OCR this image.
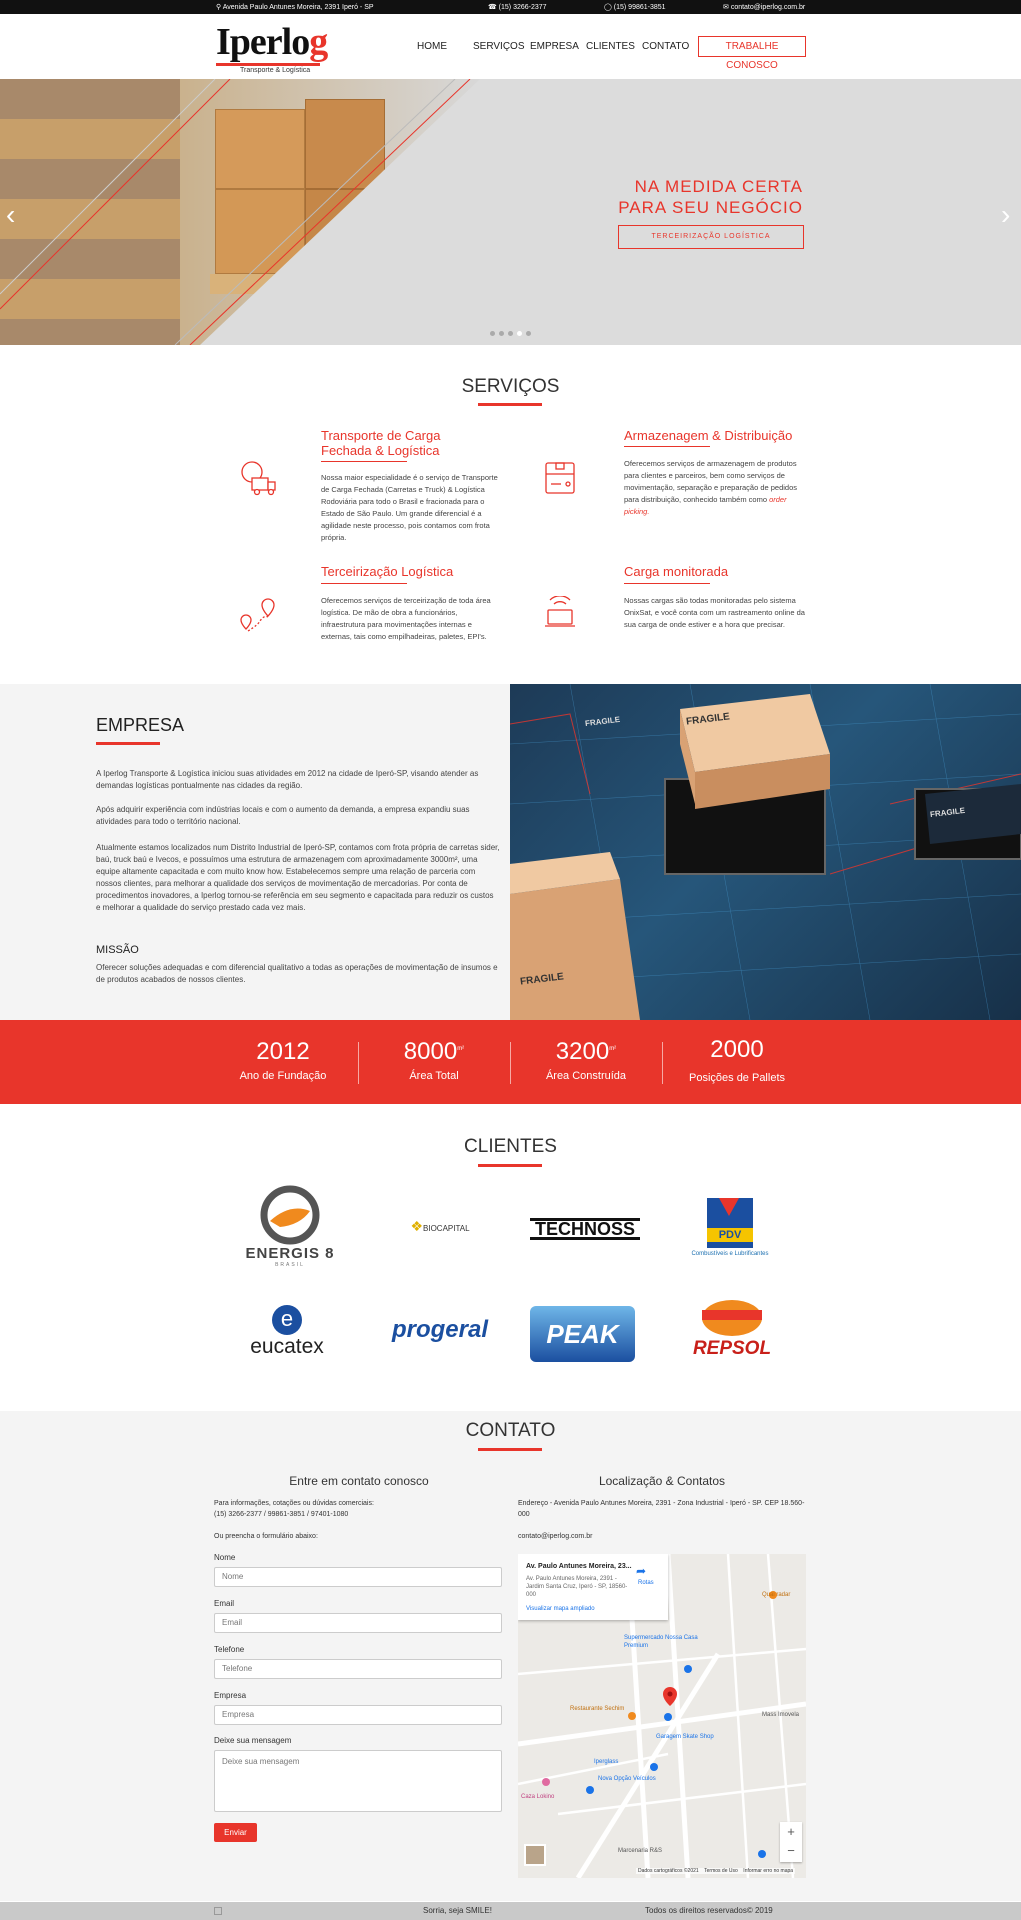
⚲ Avenida Paulo Antunes Moreira, 2391 Iperó - SP	☎ (15) 3266-2377	◯ (15) 99861-3851	✉ contato@iperlog.com.br
Iperlog
Transporte & Logística
HOME	SERVIÇOS EMPRESA CLIENTES CONTATO	TRABALHE CONOSCO
‹	›
NA MEDIDA CERTA
PARA SEU NEGÓCIO
TERCEIRIZAÇÃO LOGÍSTICA
SERVIÇOS
Transporte de Carga
Fechada & Logística
Nossa maior especialidade é o serviço de Transporte de Carga Fechada (Carretas e Truck) & Logística Rodoviária para todo o Brasil e fracionada para o Estado de São Paulo. Um grande diferencial é a agilidade neste processo, pois contamos com frota própria.
Armazenagem & Distribuição
Oferecemos serviços de armazenagem de produtos para clientes e parceiros, bem como serviços de movimentação, separação e preparação de pedidos para distribuição, conhecido também como order picking.
Terceirização Logística
Oferecemos serviços de terceirização de toda área logística. De mão de obra a funcionários, infraestrutura para movimentações internas e externas, tais como empilhadeiras, paletes, EPI's.
Carga monitorada
Nossas cargas são todas monitoradas pelo sistema OnixSat, e você conta com um rastreamento online da sua carga de onde estiver e a hora que precisar.
EMPRESA
A Iperlog Transporte & Logística iniciou suas atividades em 2012 na cidade de Iperó-SP, visando atender as demandas logísticas pontualmente nas cidades da região.
Após adquirir experiência com indústrias locais e com o aumento da demanda, a empresa expandiu suas atividades para todo o território nacional.
Atualmente estamos localizados num Distrito Industrial de Iperó-SP, contamos com frota própria de carretas sider, baú, truck baú e Ivecos, e possuímos uma estrutura de armazenagem com aproximadamente 3000m², uma equipe altamente capacitada e com muito know how. Estabelecemos sempre uma relação de parceria com nossos clientes, para melhorar a qualidade dos serviços de movimentação de mercadorias. Por conta de procedimentos inovadores, a Iperlog tornou-se referência em seu segmento e capacitada para reduzir os custos e melhorar a qualidade do serviço prestado cada vez mais.
MISSÃO
Oferecer soluções adequadas e com diferencial qualitativo a todas as operações de movimentação de insumos e de produtos acabados de nossos clientes.
FRAGILE
FRAGILE
FRAGILE
FRAGILE
2012
Ano de Fundação
$8000^{m^2}$
Área Total
$3200^{m^2}$
Área Construída
2000
Posições de Pallets
CLIENTES
ENERGIS 8
BRASIL
❖BIOCAPITAL	TECHNOSS	PDV
Combustíveis e Lubrificantes
e
eucatex
progeral	PEAK	REPSOL
CONTATO
Entre em contato conosco
Para informações, cotações ou dúvidas comerciais:
(15) 3266-2377 / 99861-3851 / 97401-1080
Ou preencha o formulário abaixo:
Nome
Nome
Email
Email
Telefone
Telefone
Empresa
Empresa
Deixe sua mensagem
Deixe sua mensagem
Enviar
Localização & Contatos
Endereço - Avenida Paulo Antunes Moreira, 2391 - Zona Industrial - Iperó - SP. CEP 18.560-000
contato@iperlog.com.br
Av. Paulo Antunes Moreira, 23...
Av. Paulo Antunes Moreira, 2391 - Jardim Santa Cruz, Iperó - SP, 18560-000
➦
Rotas
Visualizar mapa ampliado
Quai radar
Supermercado Nossa Casa Premium
Restaurante Sechim
Garagem Skate Shop
Iperglass
Nova Opção Veículos
Caza Lokino
Mass Imovela
Marcenaria R&S
+
−
Dados cartográficos ©2021    Termos de Uso    Informar erro no mapa
Sorria, seja SMILE!	Todos os direitos reservados© 2019
